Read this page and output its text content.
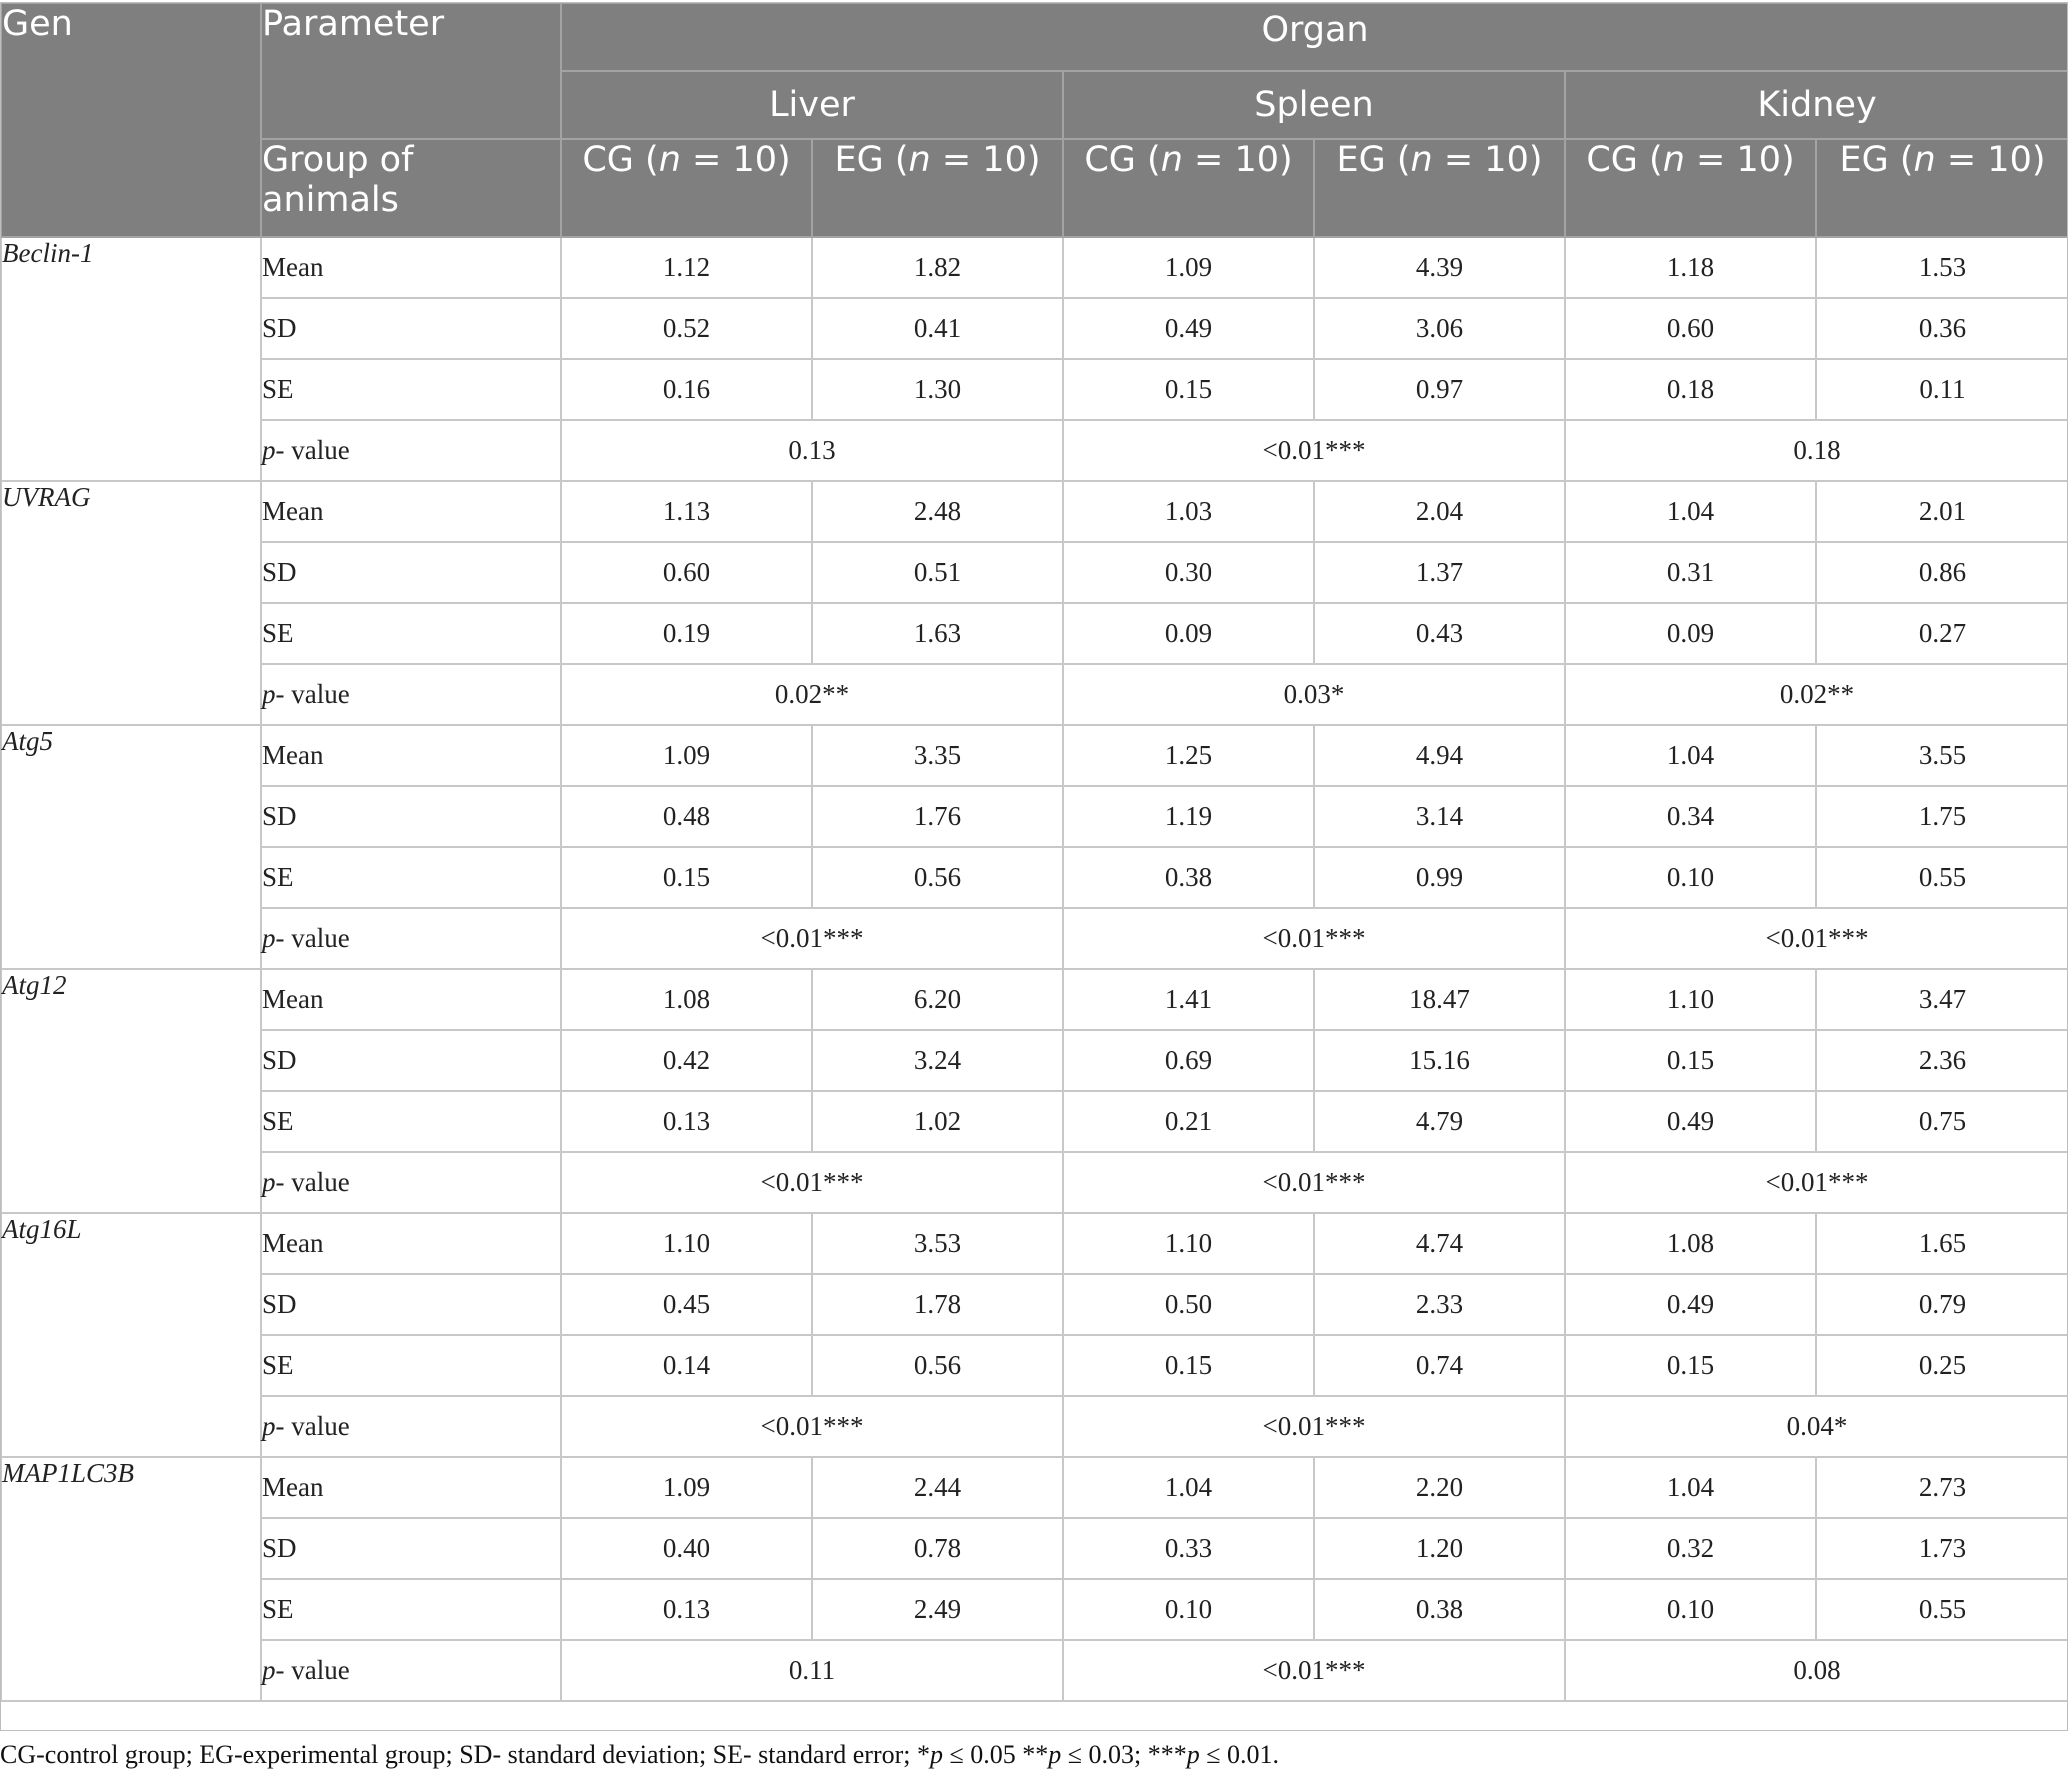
Gen	Parameter	Organ					
		Liver		Spleen		Kidney	
	Group of animals	CG (n = 10)	EG (n = 10)	CG (n = 10)	EG (n = 10)	CG (n = 10)	EG (n = 10)
Beclin-1	Mean	1.12	1.82	1.09	4.39	1.18	1.53
	SD	0.52	0.41	0.49	3.06	0.60	0.36
	SE	0.16	1.30	0.15	0.97	0.18	0.11
	p- value	0.13		<0.01***		0.18	
UVRAG	Mean	1.13	2.48	1.03	2.04	1.04	2.01
	SD	0.60	0.51	0.30	1.37	0.31	0.86
	SE	0.19	1.63	0.09	0.43	0.09	0.27
	p- value	0.02**		0.03*		0.02**	
Atg5	Mean	1.09	3.35	1.25	4.94	1.04	3.55
	SD	0.48	1.76	1.19	3.14	0.34	1.75
	SE	0.15	0.56	0.38	0.99	0.10	0.55
	p- value	<0.01***		<0.01***		<0.01***	
Atg12	Mean	1.08	6.20	1.41	18.47	1.10	3.47
	SD	0.42	3.24	0.69	15.16	0.15	2.36
	SE	0.13	1.02	0.21	4.79	0.49	0.75
	p- value	<0.01***		<0.01***		<0.01***	
Atg16L	Mean	1.10	3.53	1.10	4.74	1.08	1.65
	SD	0.45	1.78	0.50	2.33	0.49	0.79
	SE	0.14	0.56	0.15	0.74	0.15	0.25
	p- value	<0.01***		<0.01***		0.04*	
MAP1LC3B	Mean	1.09	2.44	1.04	2.20	1.04	2.73
	SD	0.40	0.78	0.33	1.20	0.32	1.73
	SE	0.13	2.49	0.10	0.38	0.10	0.55
	p- value	0.11		<0.01***		0.08	
CG-control group; EG-experimental group; SD- standard deviation; SE- standard error; *p ≤ 0.05 **p ≤ 0.03; ***p ≤ 0.01.
